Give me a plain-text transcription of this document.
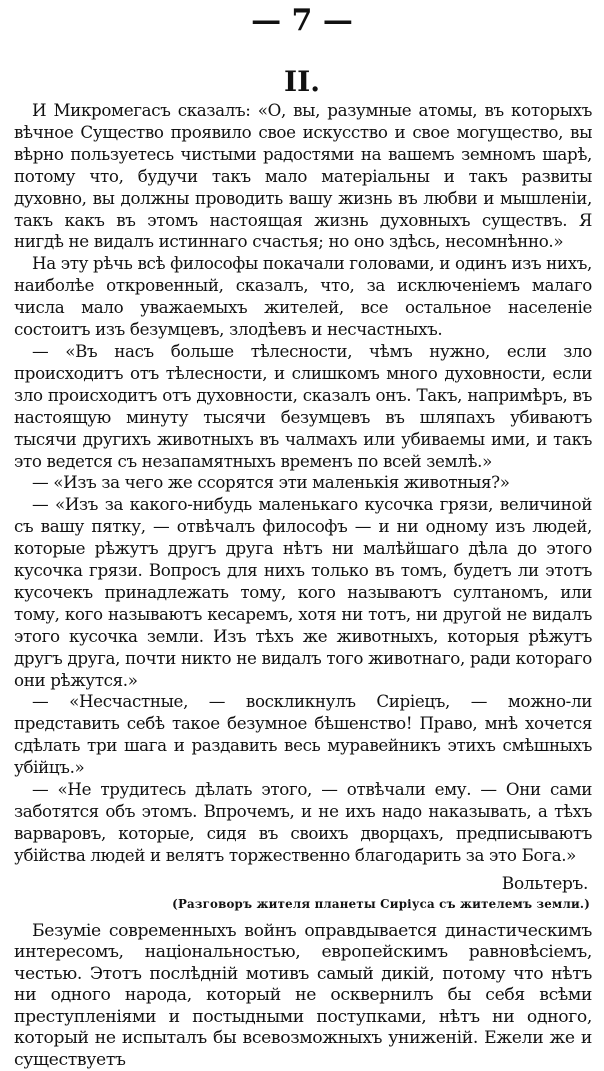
— 7 —
II.

И Микромегасъ сказалъ: «О, вы, разумные атомы, въ которыхъ вѣчное Существо проявило свое искусство и свое могущество, вы вѣрно пользуетесь чистыми радостями на вашемъ земномъ шарѣ, потому что, будучи такъ мало матеріальны и такъ развиты духовно, вы должны проводить вашу жизнь въ любви и мышленіи, такъ какъ въ этомъ настоящая жизнь духовныхъ существъ. Я нигдѣ не видалъ истиннаго счастья; но оно здѣсь, несомнѣнно.»

На эту рѣчь всѣ философы покачали головами, и одинъ изъ нихъ, наиболѣе откровенный, сказалъ, что, за исключеніемъ малаго числа мало уважаемыхъ жителей, все остальное населеніе состоитъ изъ безумцевъ, злодѣевъ и несчастныхъ.

— «Въ насъ больше тѣлесности, чѣмъ нужно, если зло происходитъ отъ тѣлесности, и слишкомъ много духовности, если зло происходитъ отъ духовности, сказалъ онъ. Такъ, напримѣръ, въ настоящую минуту тысячи безумцевъ въ шляпахъ убиваютъ тысячи другихъ животныхъ въ чалмахъ или убиваемы ими, и такъ это ведется съ незапамятныхъ временъ по всей землѣ.»

— «Изъ за чего же ссорятся эти маленькія животныя?»

— «Изъ за какого-нибудь маленькаго кусочка грязи, величиной съ вашу пятку, — отвѣчалъ философъ — и ни одному изъ людей, которые рѣжутъ другъ друга нѣтъ ни малѣйшаго дѣла до этого кусочка грязи. Вопросъ для нихъ только въ томъ, будетъ ли этотъ кусочекъ принадлежать тому, кого называютъ султаномъ, или тому, кого называютъ кесаремъ, хотя ни тотъ, ни другой не видалъ этого кусочка земли. Изъ тѣхъ же животныхъ, которыя рѣжутъ другъ друга, почти никто не видалъ того животнаго, ради котораго они рѣжутся.»

— «Несчастные, — воскликнулъ Сиріецъ, — можно-ли представить себѣ такое безумное бѣшенство! Право, мнѣ хочется сдѣлать три шага и раздавить весь муравейникъ этихъ смѣшныхъ убійцъ.»

— «Не трудитесь дѣлать этого, — отвѣчали ему. — Они сами заботятся объ этомъ. Впрочемъ, и не ихъ надо наказывать, а тѣхъ варваровъ, которые, сидя въ своихъ дворцахъ, предписываютъ убійства людей и велятъ торжественно благодарить за это Бога.»

Вольтеръ.
(Разговоръ жителя планеты Сиріуса съ жителемъ земли.)

Безуміе современныхъ войнъ оправдывается династическимъ интересомъ, національностью, европейскимъ равновѣсіемъ, честью. Этотъ послѣдній мотивъ самый дикій, потому что нѣтъ ни одного народа, который не осквернилъ бы себя всѣми преступленіями и постыдными поступками, нѣтъ ни одного, который не испыталъ бы всевозможныхъ униженій. Ежели же и существуетъ
